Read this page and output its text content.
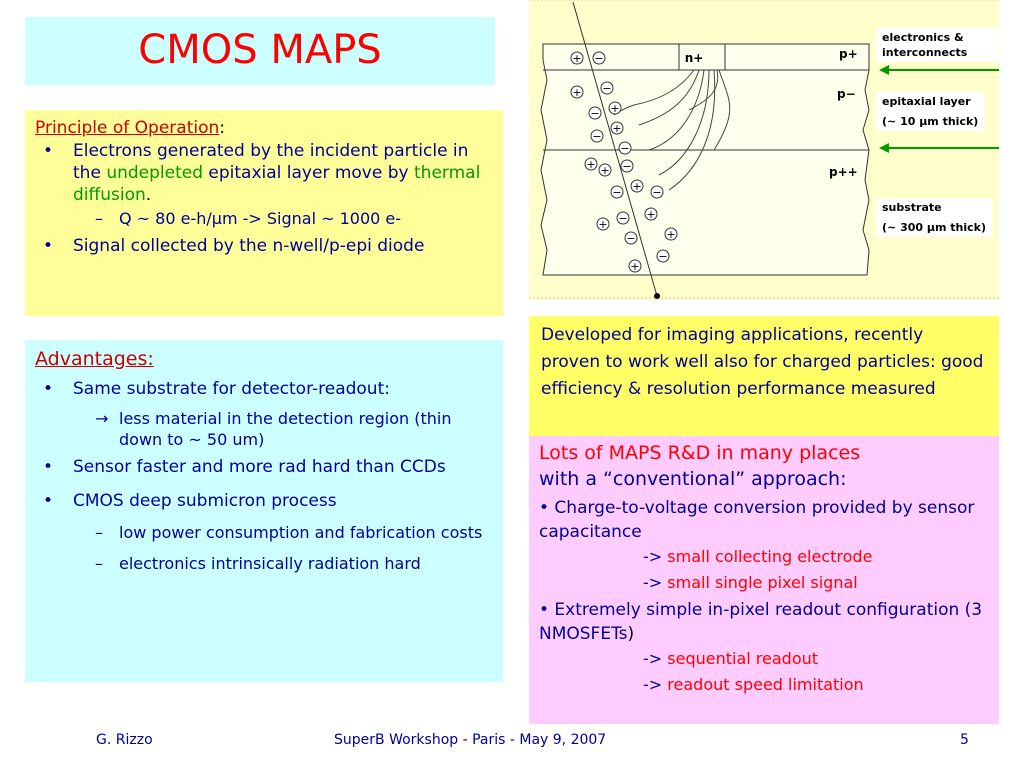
CMOS MAPS
Principle of Operation:
• Electrons generated by the incident particle in the undepleted epitaxial layer move by thermal diffusion.
– Q ~ 80 e-h/μm -> Signal ~ 1000 e-
• Signal collected by the n-well/p-epi diode
Advantages:
• Same substrate for detector-readout:
→ less material in the detection region (thin down to ~ 50 um)
• Sensor faster and more rad hard than CCDs
• CMOS deep submicron process
– low power consumption and fabrication costs
– electronics intrinsically radiation hard
Developed for imaging applications, recently proven to work well also for charged particles: good efficiency & resolution performance measured
Lots of MAPS R&D in many places
with a “conventional” approach:
• Charge-to-voltage conversion provided by sensor capacitance
-> small collecting electrode
-> small single pixel signal
• Extremely simple in-pixel readout configuration (3 NMOSFETs)
-> sequential readout
-> readout speed limitation
+ −
+ −
− +
+
−
−
+ + −
− + −
+
+ −
−	+
−
+
n+	p+
p−
p++
electronics & interconnects
epitaxial layer
(~ 10 μm thick)
substrate
(~ 300 μm thick)
G. Rizzo	SuperB Workshop - Paris - May 9, 2007	5
